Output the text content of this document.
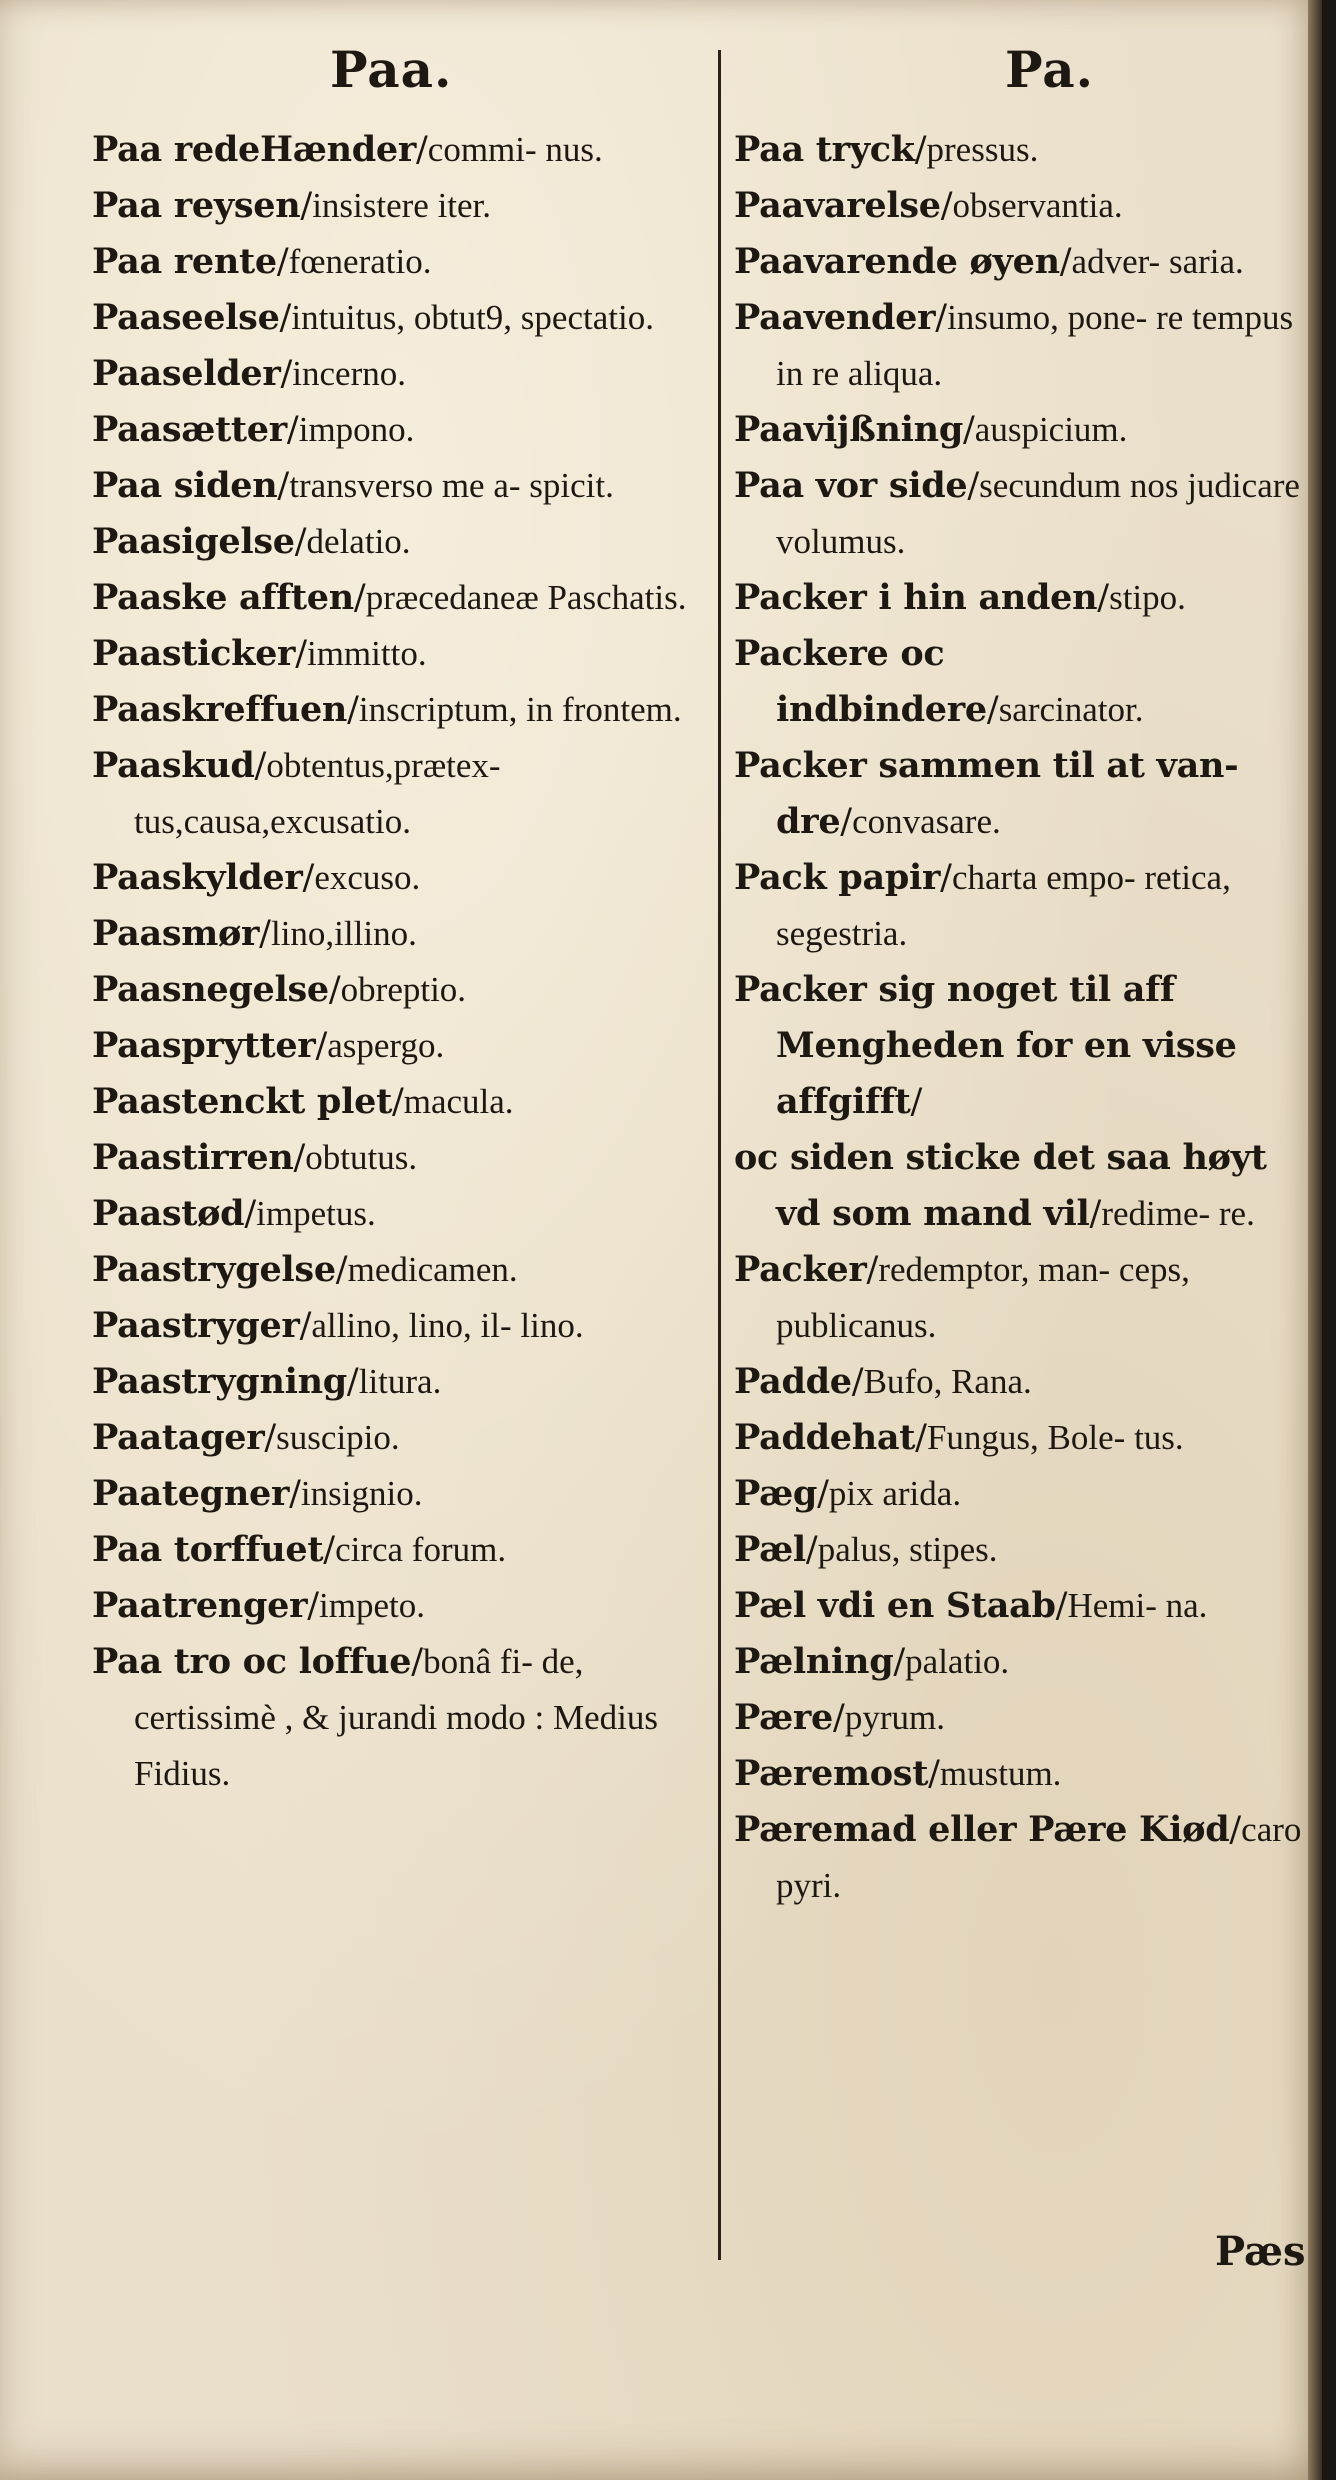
Paa.	Pa.
Paa redeHænder/commi- nus.
Paa reysen/insistere iter.
Paa rente/fœneratio.
Paaseelse/intuitus, obtut9, spectatio.
Paaselder/incerno.
Paasætter/impono.
Paa siden/transverso me a- spicit.
Paasigelse/delatio.
Paaske afften/præcedaneæ Paschatis.
Paasticker/immitto.
Paaskreffuen/inscriptum, in frontem.
Paaskud/obtentus,prætex- tus,causa,excusatio.
Paaskylder/excuso.
Paasmør/lino,illino.
Paasnegelse/obreptio.
Paasprytter/aspergo.
Paastenckt plet/macula.
Paastirren/obtutus.
Paastød/impetus.
Paastrygelse/medicamen.
Paastryger/allino, lino, il- lino.
Paastrygning/litura.
Paatager/suscipio.
Paategner/insignio.
Paa torffuet/circa forum.
Paatrenger/impeto.
Paa tro oc loffue/bonâ fi- de, certissimè , & jurandi modo : Medius Fidius.
Paa tryck/pressus.
Paavarelse/observantia.
Paavarende øyen/adver- saria.
Paavender/insumo, pone- re tempus in re aliqua.
Paavijßning/auspicium.
Paa vor side/secundum nos judicare volumus.
Packer i hin anden/stipo.
Packere oc indbindere/sarcinator.
Packer sammen til at van- dre/convasare.
Pack papir/charta empo- retica, segestria.
Packer sig noget til aff Mengheden for en visse affgifft/
oc siden sticke det saa høyt vd som mand vil/redime- re.
Packer/redemptor, man- ceps, publicanus.
Padde/Bufo, Rana.
Paddehat/Fungus, Bole- tus.
Pæg/pix arida.
Pæl/palus, stipes.
Pæl vdi en Staab/Hemi- na.
Pælning/palatio.
Pære/pyrum.
Pæremost/mustum.
Pæremad eller Pære Kiød/caro pyri.
Pæs
